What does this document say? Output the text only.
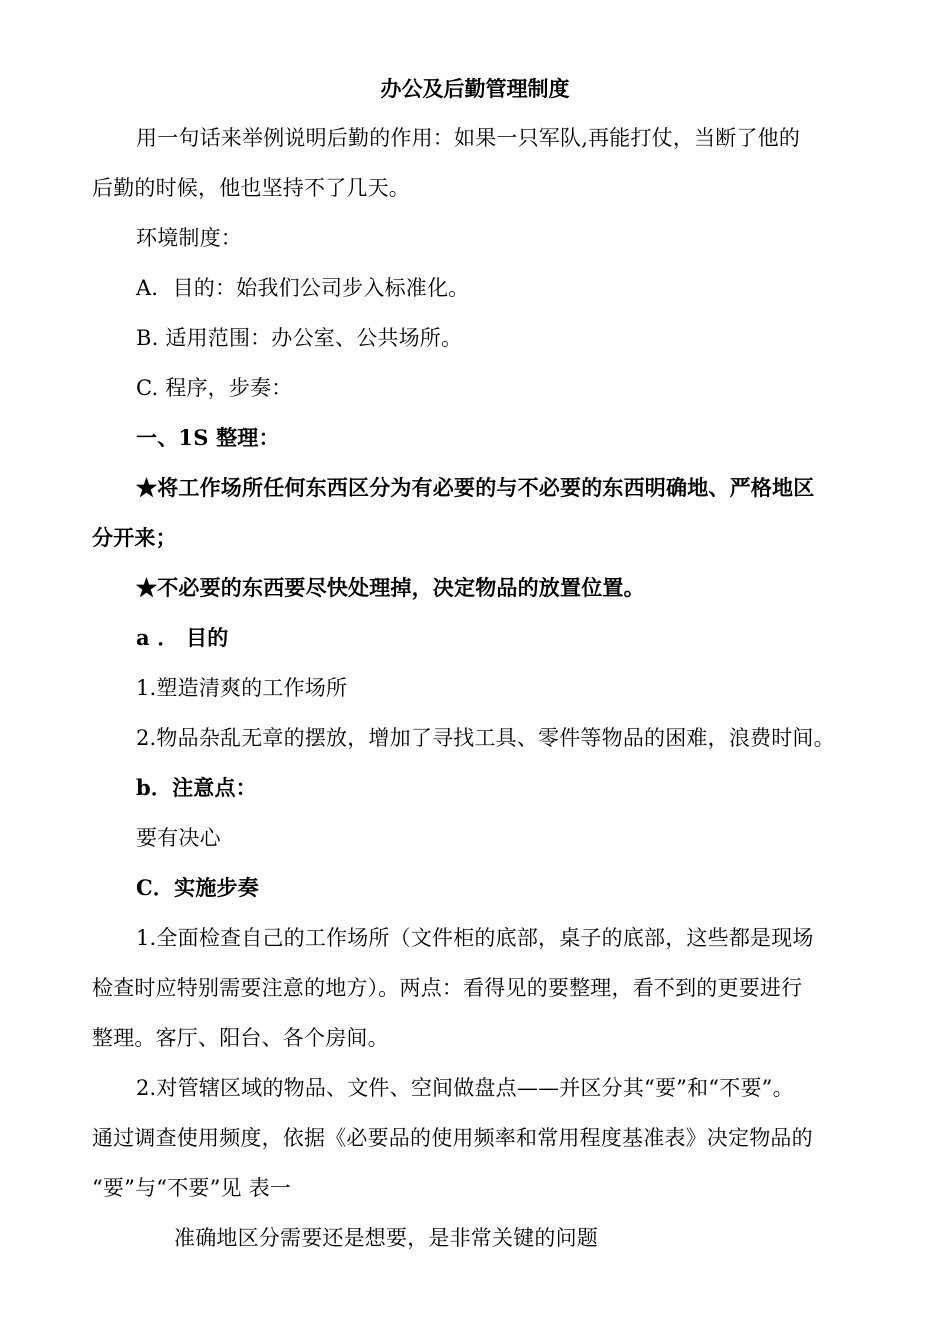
办公及后勤管理制度
用一句话来举例说明后勤的作用：如果一只军队,再能打仗，当断了他的
后勤的时候，他也坚持不了几天。
环境制度：
A．目的：始我们公司步入标准化。
B. 适用范围：办公室、公共场所。
C. 程序，步奏：
一、1S 整理：
★将工作场所任何东西区分为有必要的与不必要的东西明确地、严格地区
分开来；
★不必要的东西要尽快处理掉，决定物品的放置位置。
a ． 目的
1.塑造清爽的工作场所
2.物品杂乱无章的摆放，增加了寻找工具、零件等物品的困难，浪费时间。
b．注意点：
要有决心
C．实施步奏
1.全面检查自己的工作场所（文件柜的底部，桌子的底部，这些都是现场
检查时应特别需要注意的地方）。两点：看得见的要整理，看不到的更要进行
整理。客厅、阳台、各个房间。
2.对管辖区域的物品、文件、空间做盘点——并区分其“要”和“不要”。
通过调查使用频度，依据《必要品的使用频率和常用程度基准表》决定物品的
“要”与“不要”见 表一
准确地区分需要还是想要，是非常关键的问题
